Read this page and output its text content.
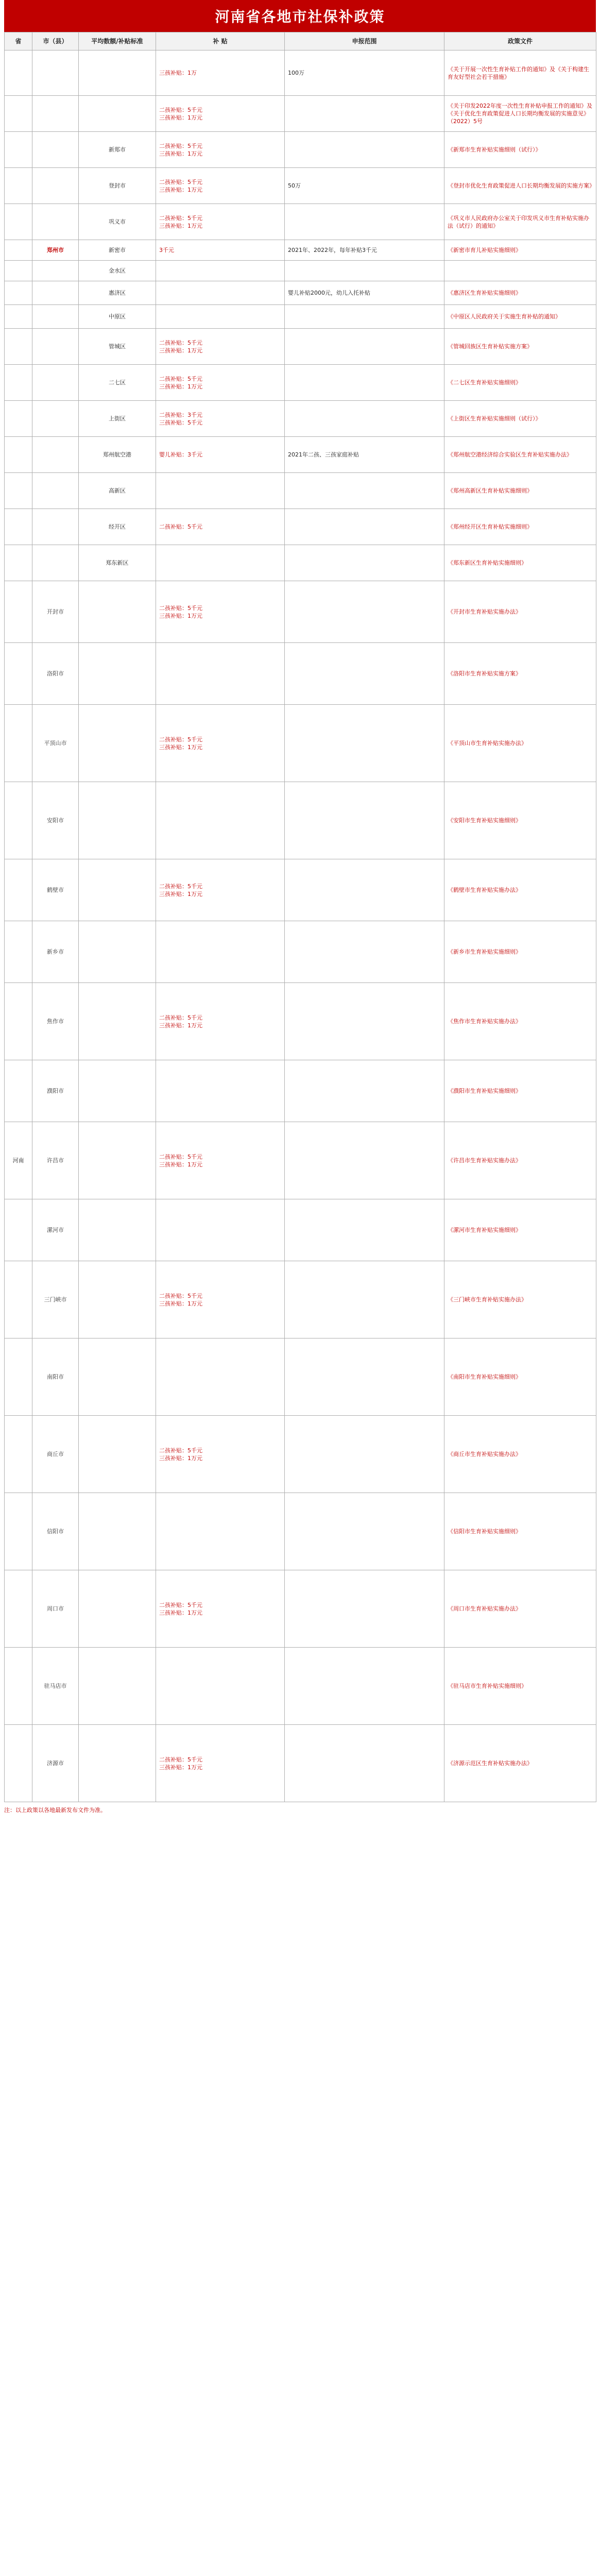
河南省各地市社保补政策
省	市（县）	平均数额/补贴标准	补 贴	申报范围	政策文件
			三孩补贴：1万	100万	《关于开展一次性生育补贴工作的通知》及《关于构建生育友好型社会若干措施》
			二孩补贴：5千元
三孩补贴：1万元		《关于印发2022年度一次性生育补贴申报工作的通知》及《关于优化生育政策促进人口长期均衡发展的实施意见》（2022）5号
		新郑市	二孩补贴：5千元
三孩补贴：1万元		《新郑市生育补贴实施细则（试行）》
		登封市	二孩补贴：5千元
三孩补贴：1万元	50万	《登封市优化生育政策促进人口长期均衡发展的实施方案》
		巩义市	二孩补贴：5千元
三孩补贴：1万元		《巩义市人民政府办公室关于印发巩义市生育补贴实施办法（试行）的通知》
	郑州市	新密市	3千元	2021年、2022年，每年补贴3千元	《新密市育儿补贴实施细则》
		金水区			
		惠济区		婴儿补贴2000元，幼儿入托补贴	《惠济区生育补贴实施细则》
		中原区			《中原区人民政府关于实施生育补贴的通知》
		管城区	二孩补贴：5千元
三孩补贴：1万元		《管城回族区生育补贴实施方案》
		二七区	二孩补贴：5千元
三孩补贴：1万元		《二七区生育补贴实施细则》
		上街区	二孩补贴：3千元
三孩补贴：5千元		《上街区生育补贴实施细则（试行）》
		郑州航空港	婴儿补贴：3千元	2021年二孩、三孩家庭补贴	《郑州航空港经济综合实验区生育补贴实施办法》
		高新区			《郑州高新区生育补贴实施细则》
		经开区	二孩补贴：5千元		《郑州经开区生育补贴实施细则》
		郑东新区			《郑东新区生育补贴实施细则》
	开封市		二孩补贴：5千元
三孩补贴：1万元		《开封市生育补贴实施办法》
	洛阳市				《洛阳市生育补贴实施方案》
	平顶山市		二孩补贴：5千元
三孩补贴：1万元		《平顶山市生育补贴实施办法》
	安阳市				《安阳市生育补贴实施细则》
	鹤壁市		二孩补贴：5千元
三孩补贴：1万元		《鹤壁市生育补贴实施办法》
	新乡市				《新乡市生育补贴实施细则》
	焦作市		二孩补贴：5千元
三孩补贴：1万元		《焦作市生育补贴实施办法》
	濮阳市				《濮阳市生育补贴实施细则》
河南	许昌市		二孩补贴：5千元
三孩补贴：1万元		《许昌市生育补贴实施办法》
	漯河市				《漯河市生育补贴实施细则》
	三门峡市		二孩补贴：5千元
三孩补贴：1万元		《三门峡市生育补贴实施办法》
	南阳市				《南阳市生育补贴实施细则》
	商丘市		二孩补贴：5千元
三孩补贴：1万元		《商丘市生育补贴实施办法》
	信阳市				《信阳市生育补贴实施细则》
	周口市		二孩补贴：5千元
三孩补贴：1万元		《周口市生育补贴实施办法》
	驻马店市				《驻马店市生育补贴实施细则》
	济源市		二孩补贴：5千元
三孩补贴：1万元		《济源示范区生育补贴实施办法》
注：以上政策以各地最新发布文件为准。
